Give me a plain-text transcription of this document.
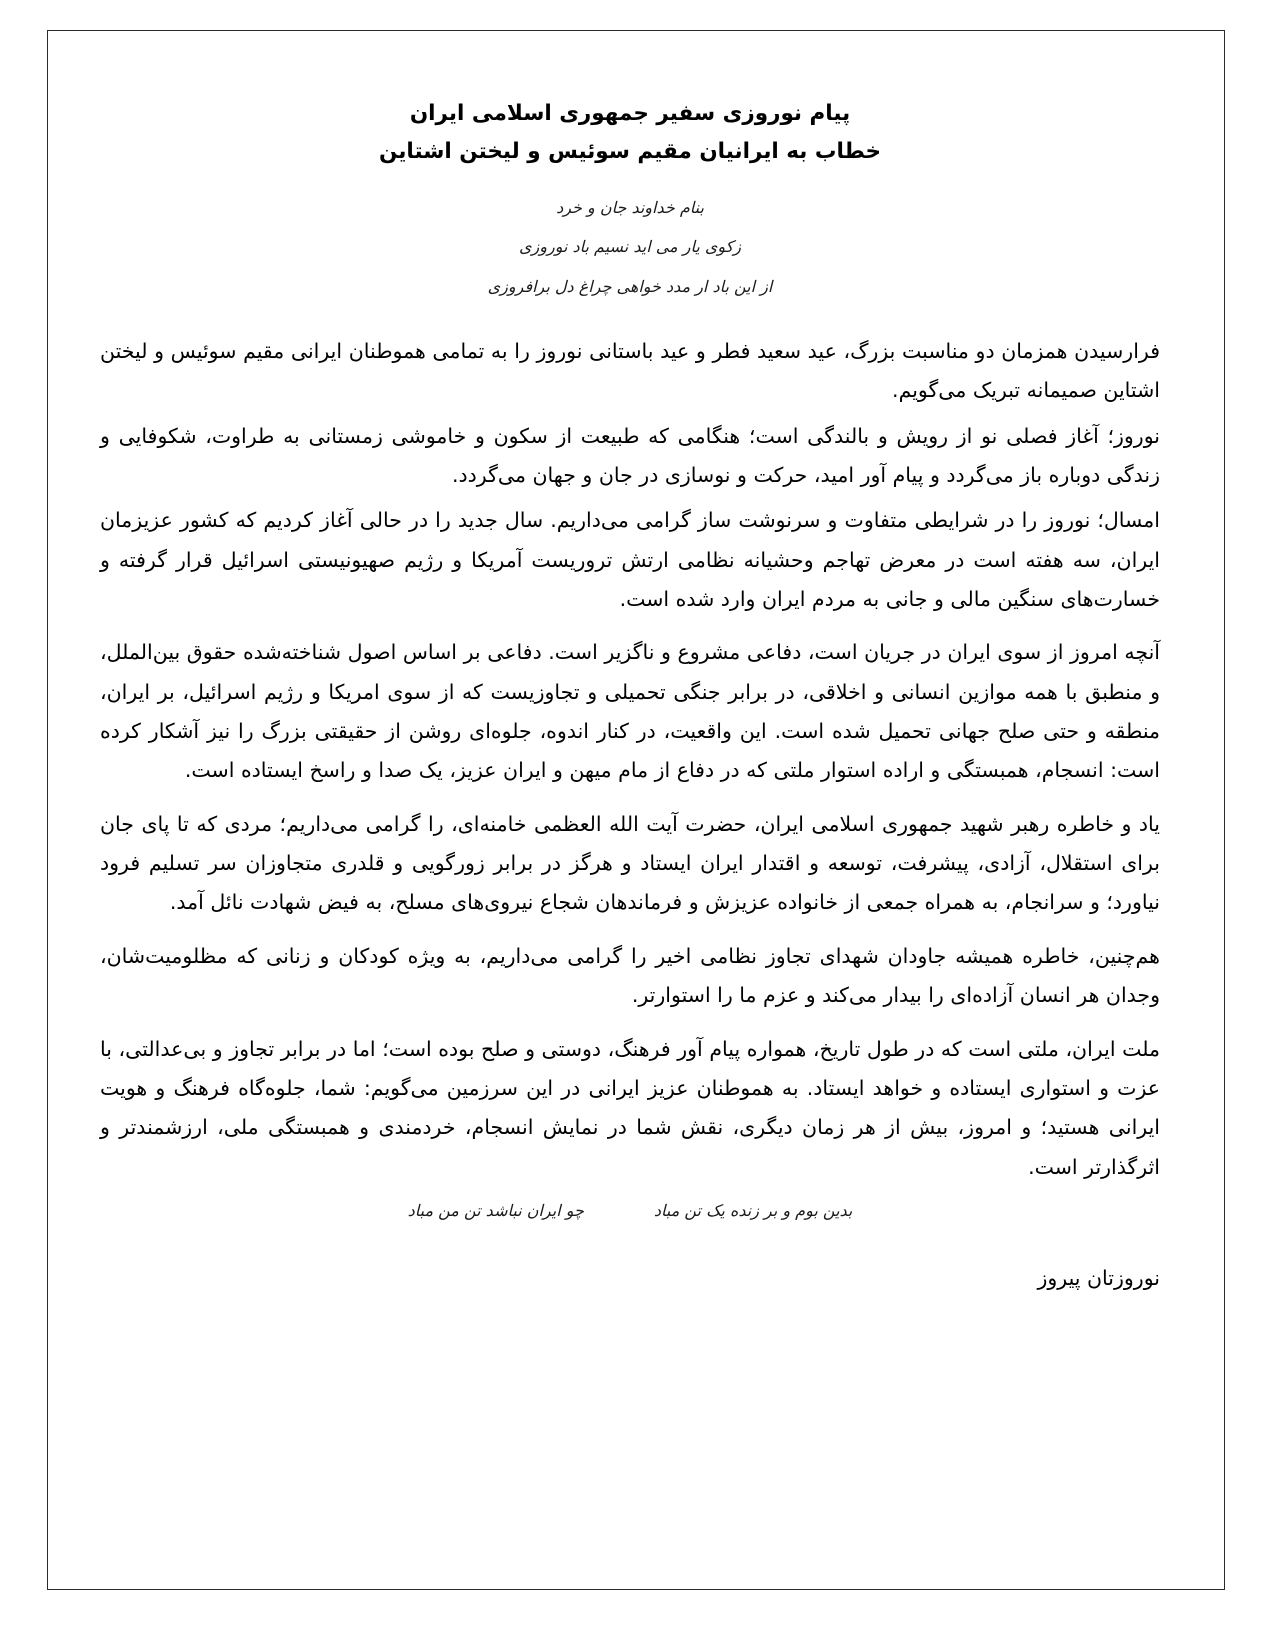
پیام نوروزی سفیر جمهوری اسلامی ایران
خطاب به ایرانیان مقیم سوئیس و لیختن اشتاین
بنام خداوند جان و خرد
زکوی یار می اید نسیم باد نوروزی
از این باد ار مدد خواهی چراغ دل برافروزی

فرارسیدن همزمان دو مناسبت بزرگ، عید سعید فطر و عید باستانی نوروز را به تمامی هموطنان ایرانی مقیم سوئیس و لیختن اشتاین صمیمانه تبریک می‌گویم.

نوروز؛ آغاز فصلی نو از رویش و بالندگی است؛ هنگامی که طبیعت از سکون و خاموشی زمستانی به طراوت، شکوفایی و زندگی دوباره باز می‌گردد و پیام آور امید، حرکت و نوسازی در جان و جهان می‌گردد.

امسال؛ نوروز را در شرایطی متفاوت و سرنوشت ساز گرامی می‌داریم. سال جدید را در حالی آغاز کردیم که کشور عزیزمان ایران، سه هفته است در معرض تهاجم وحشیانه نظامی ارتش تروریست آمریکا و رژیم صهیونیستی اسرائیل قرار گرفته و خسارت‌های سنگین مالی و جانی به مردم ایران وارد شده است.

آنچه امروز از سوی ایران در جریان است، دفاعی مشروع و ناگزیر است. دفاعی بر اساس اصول شناخته‌شده حقوق بین‌الملل، و منطبق با همه موازین انسانی و اخلاقی، در برابر جنگی تحمیلی و تجاوزیست که از سوی امریکا و رژیم اسرائیل، بر ایران، منطقه و حتی صلح جهانی تحمیل شده است. این واقعیت، در کنار اندوه، جلوه‌ای روشن از حقیقتی بزرگ را نیز آشکار کرده است: انسجام، همبستگی و اراده استوار ملتی که در دفاع از مام میهن و ایران عزیز، یک صدا و راسخ ایستاده است.

یاد و خاطره رهبر شهید جمهوری اسلامی ایران، حضرت آیت الله العظمی خامنه‌ای، را گرامی می‌داریم؛ مردی که تا پای جان برای استقلال، آزادی، پیشرفت، توسعه و اقتدار ایران ایستاد و هرگز در برابر زورگویی و قلدری متجاوزان سر تسلیم فرود نیاورد؛ و سرانجام، به همراه جمعی از خانواده عزیزش و فرماندهان شجاع نیروی‌های مسلح، به فیض شهادت نائل آمد.

هم‌چنین، خاطره همیشه جاودان شهدای تجاوز نظامی اخیر را گرامی می‌داریم، به ویژه کودکان و زنانی که مظلومیت‌شان، وجدان هر انسان آزاده‌ای را بیدار می‌کند و عزم ما را استوارتر.

ملت ایران، ملتی است که در طول تاریخ، همواره پیام آور فرهنگ، دوستی و صلح بوده است؛ اما در برابر تجاوز و بی‌عدالتی، با عزت و استواری ایستاده و خواهد ایستاد. به هموطنان عزیز ایرانی در این سرزمین می‌گویم: شما، جلوه‌گاه فرهنگ و هویت ایرانی هستید؛ و امروز، بیش از هر زمان دیگری، نقش شما در نمایش انسجام، خردمندی و همبستگی ملی، ارزشمندتر و اثرگذارتر است.

چو ایران نباشد تن من مباد	بدین بوم و بر زنده یک تن مباد
نوروزتان پیروز
